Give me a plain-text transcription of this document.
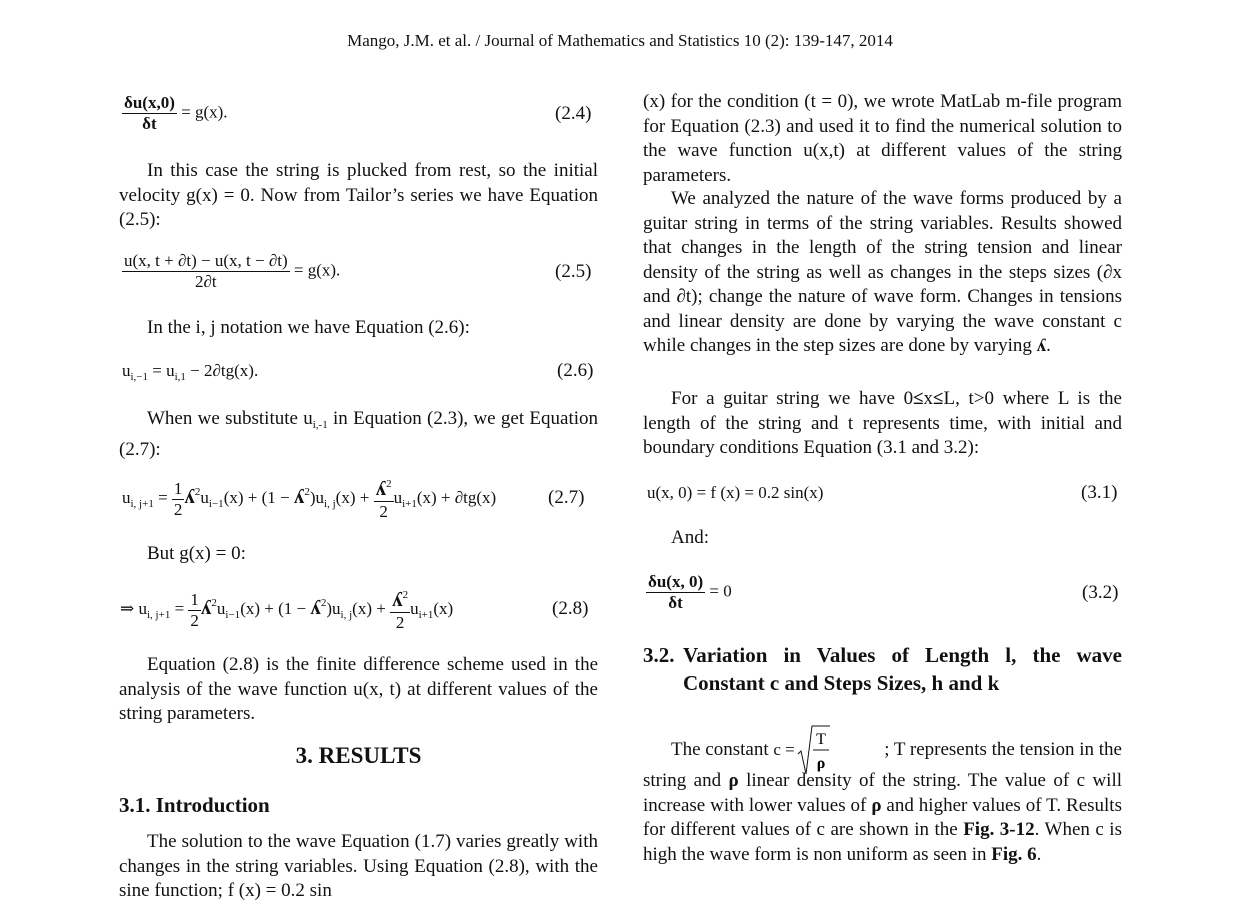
Mango, J.M. et al. / Journal of Mathematics and Statistics 10 (2): 139-147, 2014
$\frac{\delta u(x,0)}{\delta t} = g(x)$.	(2.4)
In this case the string is plucked from rest, so the initial velocity g(x) = 0. Now from Tailor’s series we have Equation (2.5):
$\frac{u(x, t + \partial t) - u(x, t - \partial t)}{2\partial t} = g(x)$.	(2.5)
In the i, j notation we have Equation (2.6):
$u_{i,-1} = u_{i,1} - 2\partial tg(x)$.	(2.6)
When we substitute $u_{i,-1}$ in Equation (2.3), we get Equation (2.7):
$u_{i, j+1} = \frac{1}{2}$ $ʎ^2u_{i-1}(x) + (1$ − $ʎ^2)u_{i, j}(x) + \frac{ʎ^2}{2} u_{i+1}(x) + \partial tg(x)$	(2.7)
But g(x) = 0:
⇒ $u_{i, j+1} = \frac{1}{2}$ $ʎ^2u_{i-1}(x) + (1$ − $ʎ^2)u_{i, j}(x) + \frac{ʎ^2}{2} u_{i+1}(x)$	(2.8)
Equation (2.8) is the finite difference scheme used in the analysis of the wave function u(x, t) at different values of the string parameters.
3. RESULTS
3.1. Introduction
The solution to the wave Equation (1.7) varies greatly with changes in the string variables. Using Equation (2.8), with the sine function; f (x) = 0.2 sin
(x) for the condition (t = 0), we wrote MatLab m-file program for Equation (2.3) and used it to find the numerical solution to the wave function u(x,t) at different values of the string parameters.
We analyzed the nature of the wave forms produced by a guitar string in terms of the string variables. Results showed that changes in the length of the string tension and linear density of the string as well as changes in the steps sizes (∂x and ∂t); change the nature of wave form. Changes in tensions and linear density are done by varying the wave constant c while changes in the step sizes are done by varying ʎ.
For a guitar string we have 0≤x≤L, t>0 where L is the length of the string and t represents time, with initial and boundary conditions Equation (3.1 and 3.2):
u(x, 0) = f (x) = 0.2 sin(x)	(3.1)
And:
$\frac{\delta u(x, 0)}{\delta t} = 0$	(3.2)
3.2. Variation in Values of Length l, the wave
Constant c and Steps Sizes, h and k
The constant c =
T
ρ
; T represents the tension in the
string and ρ linear density of the string. The value of c will increase with lower values of ρ and higher values of T. Results for different values of c are shown in the Fig. 3-12. When c is high the wave form is non uniform as seen in Fig. 6.
